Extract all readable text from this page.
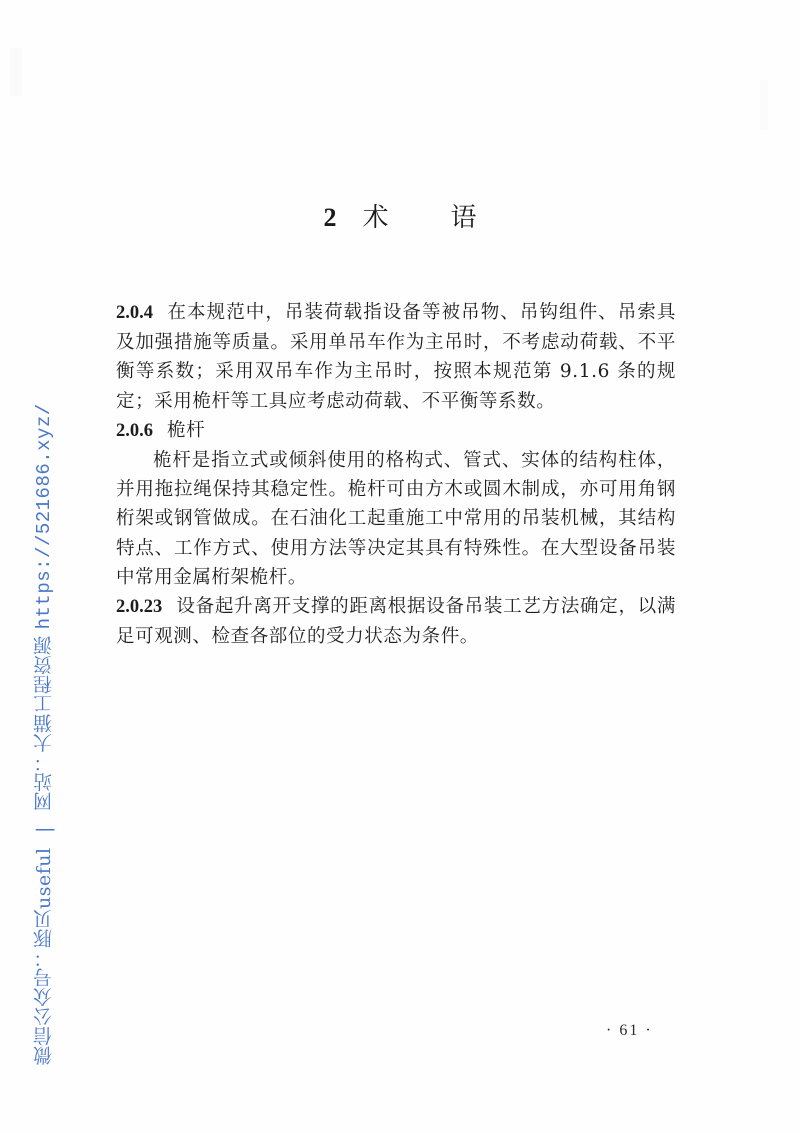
2 术 语

2.0.4 在本规范中，吊装荷载指设备等被吊物、吊钩组件、吊索具及加强措施等质量。采用单吊车作为主吊时，不考虑动荷载、不平衡等系数；采用双吊车作为主吊时，按照本规范第 9.1.6 条的规定；采用桅杆等工具应考虑动荷载、不平衡等系数。

2.0.6 桅杆

桅杆是指立式或倾斜使用的格构式、管式、实体的结构柱体，并用拖拉绳保持其稳定性。桅杆可由方木或圆木制成，亦可用角钢桁架或钢管做成。在石油化工起重施工中常用的吊装机械，其结构特点、工作方式、使用方法等决定其具有特殊性。在大型设备吊装中常用金属桁架桅杆。

2.0.23 设备起升离开支撑的距离根据设备吊装工艺方法确定，以满足可观测、检查各部位的受力状态为条件。

微信公众号：豚贝useful | 网站：大猫工程资源 https://521686.xyz/
· 61 ·
